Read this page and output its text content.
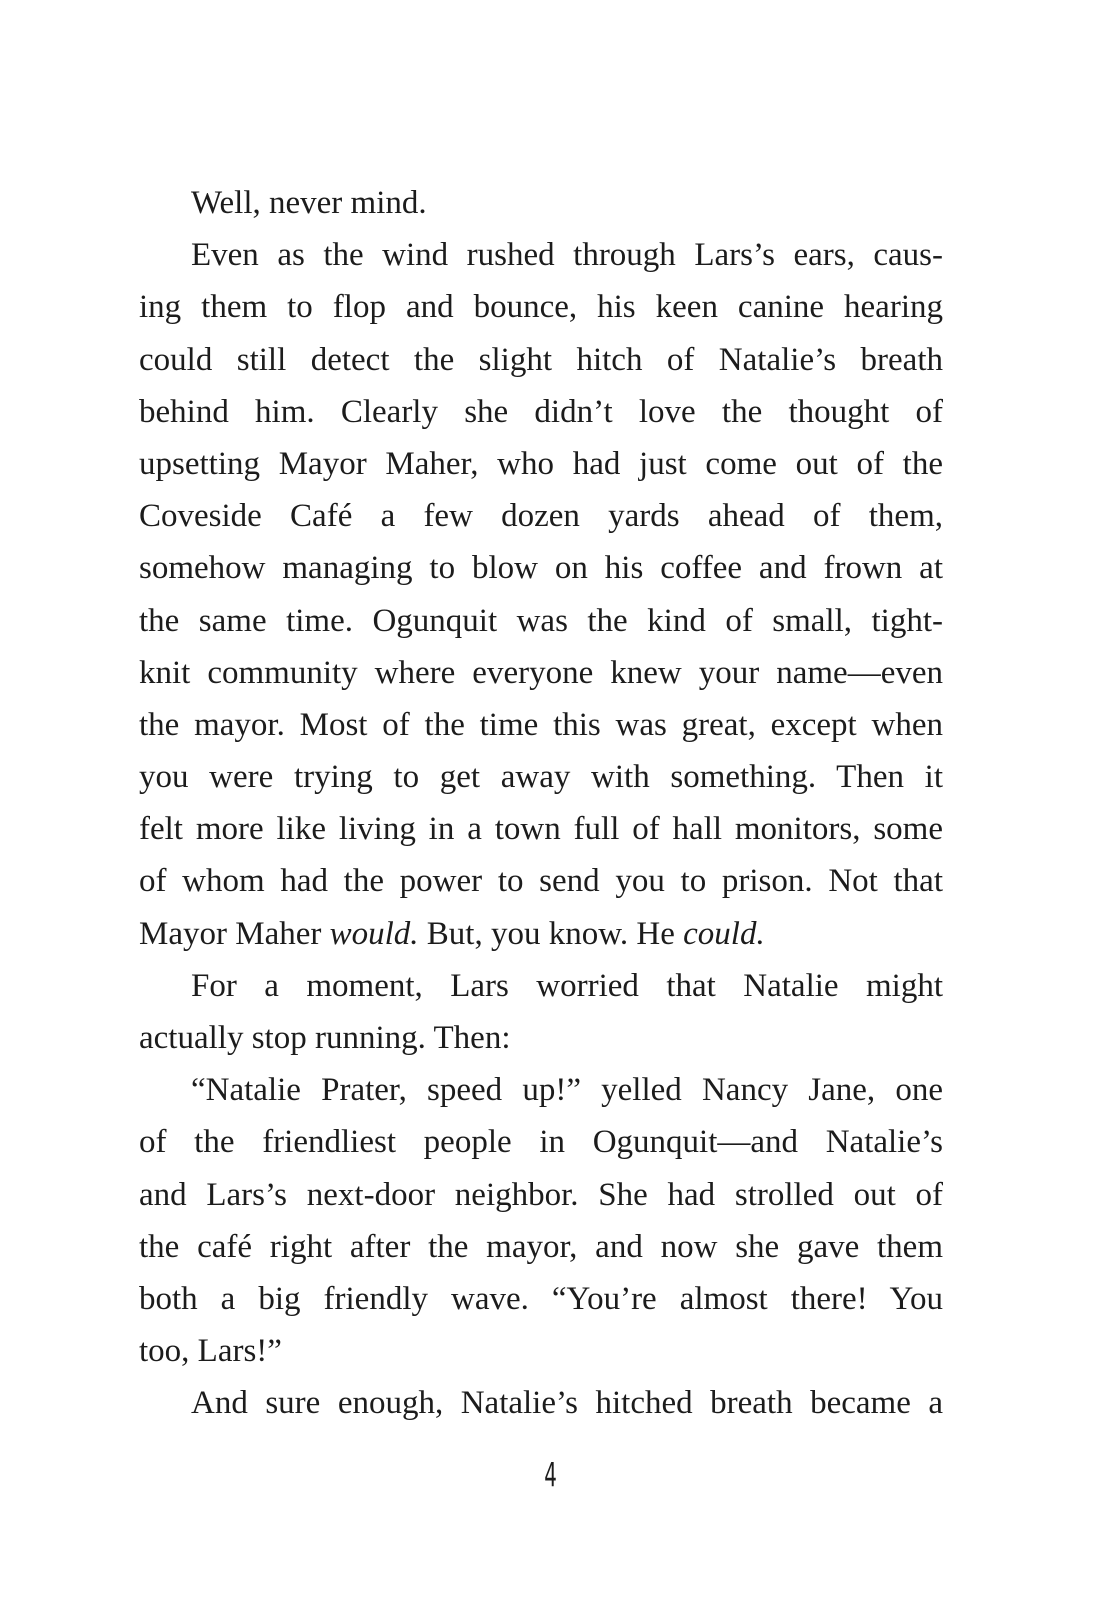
Well, never mind.
Even as the wind rushed through Lars’s ears, caus-
ing them to flop and bounce, his keen canine hearing
could still detect the slight hitch of Natalie’s breath
behind him. Clearly she didn’t love the thought of
upsetting Mayor Maher, who had just come out of the
Coveside Café a few dozen yards ahead of them,
somehow managing to blow on his coffee and frown at
the same time. Ogunquit was the kind of small, tight-
knit community where everyone knew your name—even
the mayor. Most of the time this was great, except when
you were trying to get away with something. Then it
felt more like living in a town full of hall monitors, some
of whom had the power to send you to prison. Not that
Mayor Maher would. But, you know. He could.
For a moment, Lars worried that Natalie might
actually stop running. Then:
“Natalie Prater, speed up!” yelled Nancy Jane, one
of the friendliest people in Ogunquit—and Natalie’s
and Lars’s next-door neighbor. She had strolled out of
the café right after the mayor, and now she gave them
both a big friendly wave. “You’re almost there! You
too, Lars!”
And sure enough, Natalie’s hitched breath became a
4
